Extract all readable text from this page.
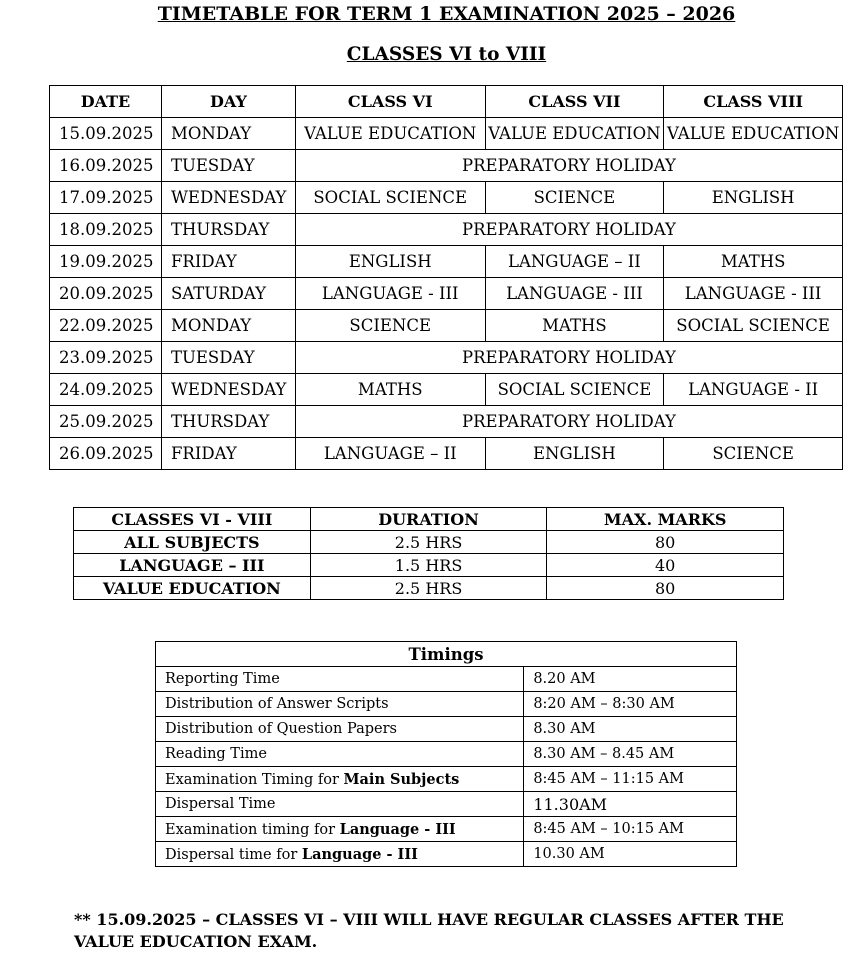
TIMETABLE FOR TERM 1 EXAMINATION 2025 – 2026
CLASSES VI to VIII
DATE	DAY	CLASS VI	CLASS VII	CLASS VIII
15.09.2025	MONDAY	VALUE EDUCATION	VALUE EDUCATION	VALUE EDUCATION
16.09.2025	TUESDAY	PREPARATORY HOLIDAY		
17.09.2025	WEDNESDAY	SOCIAL SCIENCE	SCIENCE	ENGLISH
18.09.2025	THURSDAY	PREPARATORY HOLIDAY		
19.09.2025	FRIDAY	ENGLISH	LANGUAGE – II	MATHS
20.09.2025	SATURDAY	LANGUAGE - III	LANGUAGE - III	LANGUAGE - III
22.09.2025	MONDAY	SCIENCE	MATHS	SOCIAL SCIENCE
23.09.2025	TUESDAY	PREPARATORY HOLIDAY		
24.09.2025	WEDNESDAY	MATHS	SOCIAL SCIENCE	LANGUAGE - II
25.09.2025	THURSDAY	PREPARATORY HOLIDAY		
26.09.2025	FRIDAY	LANGUAGE – II	ENGLISH	SCIENCE
CLASSES VI - VIII	DURATION	MAX. MARKS
ALL SUBJECTS	2.5 HRS	80
LANGUAGE – III	1.5 HRS	40
VALUE EDUCATION	2.5 HRS	80
Timings	
Reporting Time	8.20 AM
Distribution of Answer Scripts	8:20 AM – 8:30 AM
Distribution of Question Papers	8.30 AM
Reading Time	8.30 AM – 8.45 AM
Examination Timing for Main Subjects	8:45 AM – 11:15 AM
Dispersal Time	11.30AM
Examination timing for Language - III	8:45 AM – 10:15 AM
Dispersal time for Language - III	10.30 AM

** 15.09.2025 – CLASSES VI – VIII WILL HAVE REGULAR CLASSES AFTER THE VALUE EDUCATION EXAM.
